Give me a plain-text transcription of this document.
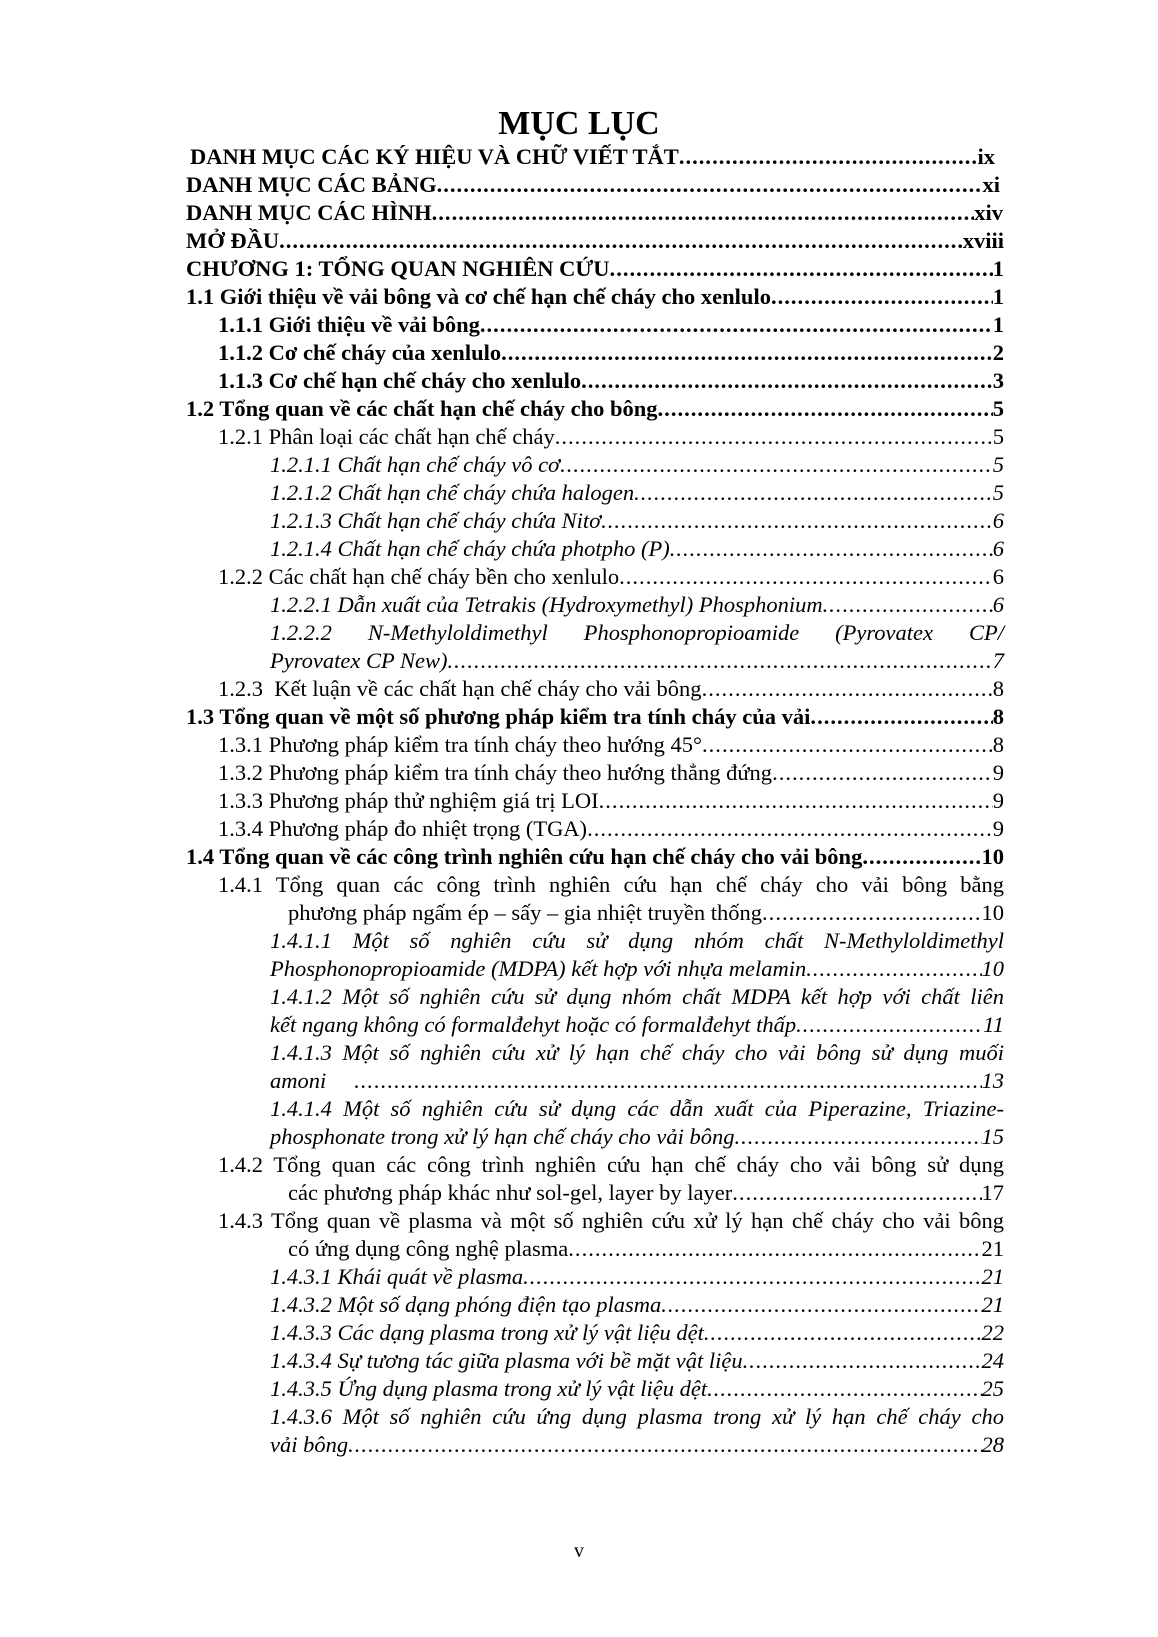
MỤC LỤC
DANH MỤC CÁC KÝ HIỆU VÀ CHỮ VIẾT TẮT . . .	ix
DANH MỤC CÁC BẢNG . . .	xi
DANH MỤC CÁC HÌNH . . .	xiv
MỞ ĐẦU . . .	xviii
CHƯƠNG 1: TỔNG QUAN NGHIÊN CỨU . . .	1
1.1 Giới thiệu về vải bông và cơ chế hạn chế cháy cho xenlulo . . .	1
1.1.1 Giới thiệu về vải bông . . .	1
1.1.2 Cơ chế cháy của xenlulo . . .	2
1.1.3 Cơ chế hạn chế cháy cho xenlulo . . .	3
1.2 Tổng quan về các chất hạn chế cháy cho bông . . .	5
1.2.1 Phân loại các chất hạn chế cháy . . .	5
1.2.1.1 Chất hạn chế cháy vô cơ . . .	5
1.2.1.2 Chất hạn chế cháy chứa halogen . . .	5
1.2.1.3 Chất hạn chế cháy chứa Nitơ . . .	6
1.2.1.4 Chất hạn chế cháy chứa photpho (P) . . .	6
1.2.2 Các chất hạn chế cháy bền cho xenlulo . . .	6
1.2.2.1 Dẫn xuất của Tetrakis (Hydroxymethyl) Phosphonium . . .	6
1.2.2.2 N-Methyloldimethyl Phosphonopropioamide (Pyrovatex CP/
Pyrovatex CP New) . . .	7
1.2.3  Kết luận về các chất hạn chế cháy cho vải bông . . .	8
1.3 Tổng quan về một số phương pháp kiểm tra tính cháy của vải . . .	8
1.3.1 Phương pháp kiểm tra tính cháy theo hướng 45° . . .	8
1.3.2 Phương pháp kiểm tra tính cháy theo hướng thẳng đứng . . .	9
1.3.3 Phương pháp thử nghiệm giá trị LOI . . .	9
1.3.4 Phương pháp đo nhiệt trọng (TGA) . . .	9
1.4 Tổng quan về các công trình nghiên cứu hạn chế cháy cho vải bông . . .	10
1.4.1 Tổng quan các công trình nghiên cứu hạn chế cháy cho vải bông bằng
phương pháp ngấm ép – sấy – gia nhiệt truyền thống . . .	10
1.4.1.1 Một số nghiên cứu sử dụng nhóm chất N-Methyloldimethyl
Phosphonopropioamide (MDPA) kết hợp với nhựa melamin . . .	10
1.4.1.2 Một số nghiên cứu sử dụng nhóm chất MDPA kết hợp với chất liên
kết ngang không có formalđehyt hoặc có formalđehyt thấp . . .	11
1.4.1.3 Một số nghiên cứu xử lý hạn chế cháy cho vải bông sử dụng muối
amoni . . .	13
1.4.1.4 Một số nghiên cứu sử dụng các dẫn xuất của Piperazine, Triazine-
phosphonate trong xử lý hạn chế cháy cho vải bông . . .	15
1.4.2 Tổng quan các công trình nghiên cứu hạn chế cháy cho vải bông sử dụng
các phương pháp khác như sol-gel, layer by layer . . .	17
1.4.3 Tổng quan về plasma và một số nghiên cứu xử lý hạn chế cháy cho vải bông
có ứng dụng công nghệ plasma . . .	21
1.4.3.1 Khái quát về plasma . . .	21
1.4.3.2 Một số dạng phóng điện tạo plasma . . .	21
1.4.3.3 Các dạng plasma trong xử lý vật liệu dệt . . .	22
1.4.3.4 Sự tương tác giữa plasma với bề mặt vật liệu . . .	24
1.4.3.5 Ứng dụng plasma trong xử lý vật liệu dệt . . .	25
1.4.3.6 Một số nghiên cứu ứng dụng plasma trong xử lý hạn chế cháy cho
vải bông . . .	28
v
